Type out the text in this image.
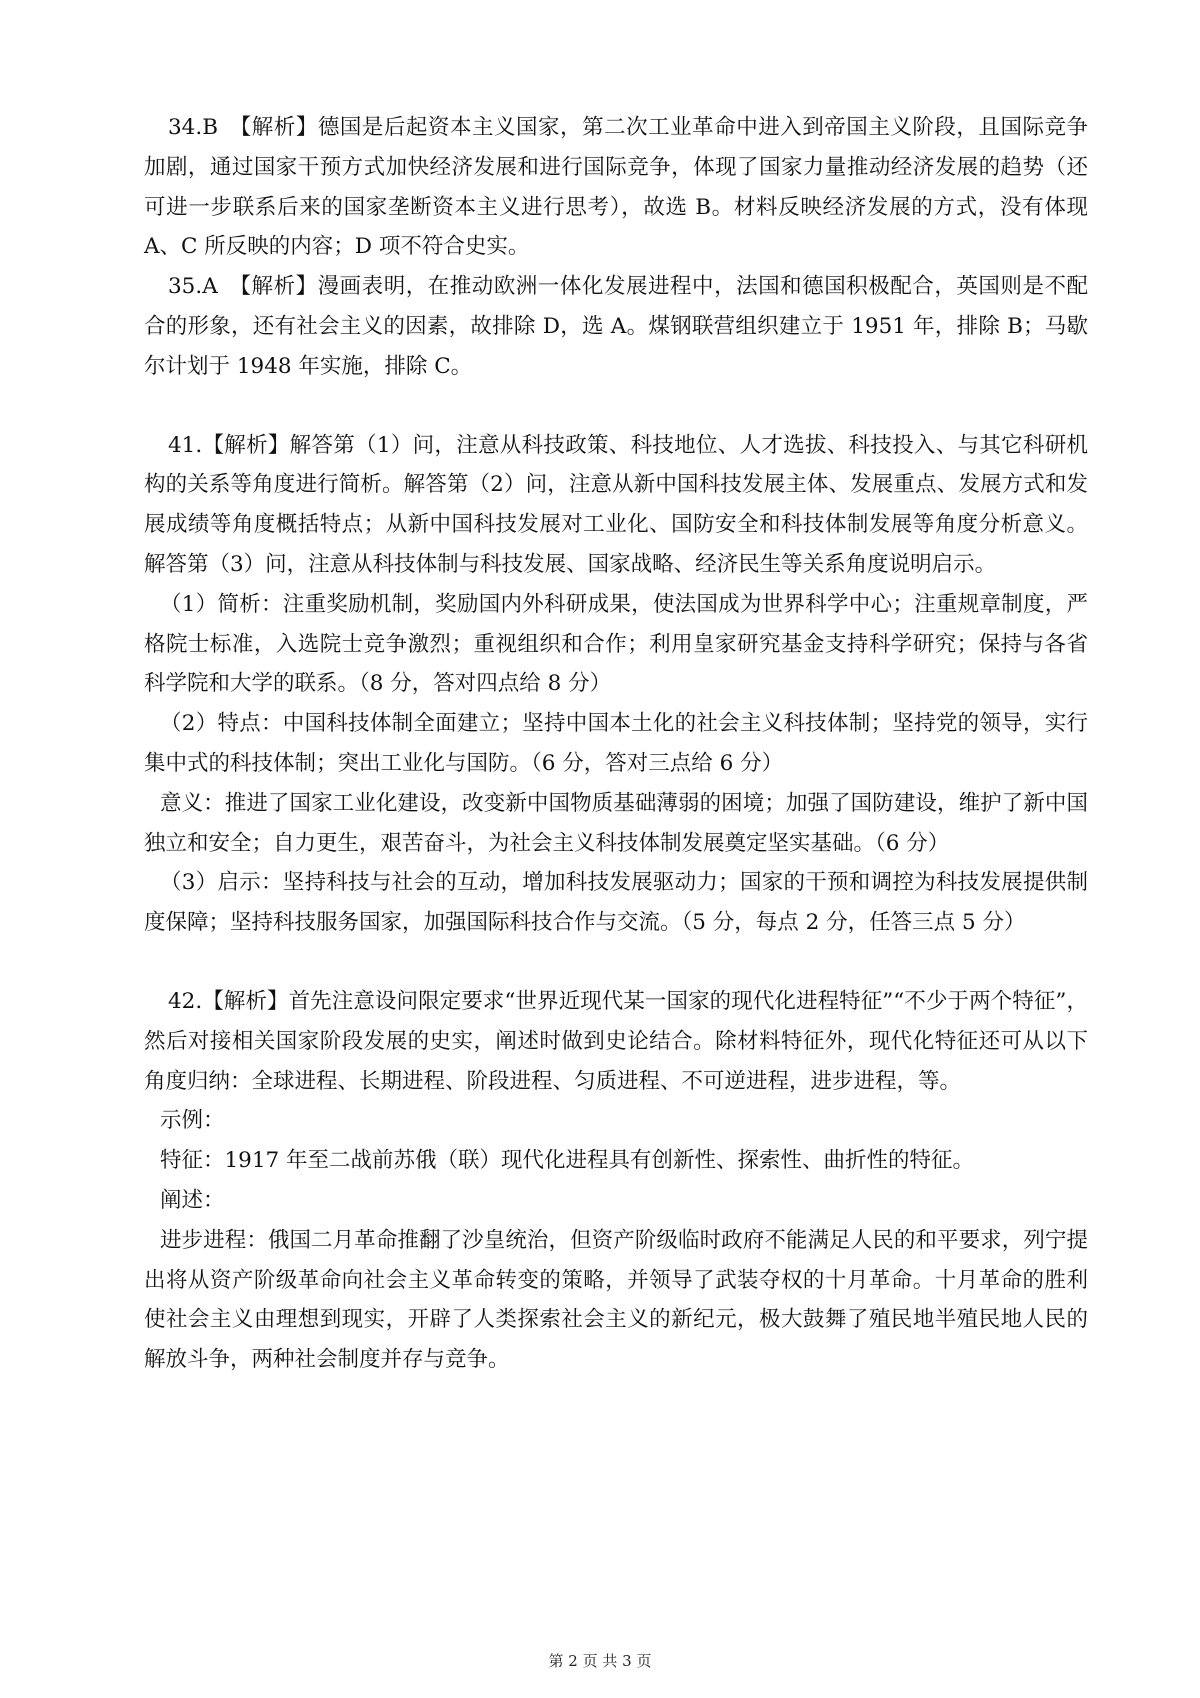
34.B　【解析】德国是后起资本主义国家，第二次工业革命中进入到帝国主义阶段，且国际竞争加剧，通过国家干预方式加快经济发展和进行国际竞争，体现了国家力量推动经济发展的趋势（还可进一步联系后来的国家垄断资本主义进行思考），故选 B。材料反映经济发展的方式，没有体现 A、C 所反映的内容；D 项不符合史实。

35.A　【解析】漫画表明，在推动欧洲一体化发展进程中，法国和德国积极配合，英国则是不配合的形象，还有社会主义的因素，故排除 D，选 A。煤钢联营组织建立于 1951 年，排除 B；马歇尔计划于 1948 年实施，排除 C。

41.【解析】解答第（1）问，注意从科技政策、科技地位、人才选拔、科技投入、与其它科研机构的关系等角度进行简析。解答第（2）问，注意从新中国科技发展主体、发展重点、发展方式和发展成绩等角度概括特点；从新中国科技发展对工业化、国防安全和科技体制发展等角度分析意义。解答第（3）问，注意从科技体制与科技发展、国家战略、经济民生等关系角度说明启示。

（1）简析：注重奖励机制，奖励国内外科研成果，使法国成为世界科学中心；注重规章制度，严格院士标准，入选院士竞争激烈；重视组织和合作；利用皇家研究基金支持科学研究；保持与各省科学院和大学的联系。（8 分，答对四点给 8 分）

（2）特点：中国科技体制全面建立；坚持中国本土化的社会主义科技体制；坚持党的领导，实行集中式的科技体制；突出工业化与国防。（6 分，答对三点给 6 分）

意义：推进了国家工业化建设，改变新中国物质基础薄弱的困境；加强了国防建设，维护了新中国独立和安全；自力更生，艰苦奋斗，为社会主义科技体制发展奠定坚实基础。（6 分）

（3）启示：坚持科技与社会的互动，增加科技发展驱动力；国家的干预和调控为科技发展提供制度保障；坚持科技服务国家，加强国际科技合作与交流。（5 分，每点 2 分，任答三点 5 分）

42.【解析】首先注意设问限定要求“世界近现代某一国家的现代化进程特征”“不少于两个特征”，然后对接相关国家阶段发展的史实，阐述时做到史论结合。除材料特征外，现代化特征还可从以下角度归纳：全球进程、长期进程、阶段进程、匀质进程、不可逆进程，进步进程，等。

示例：

特征：1917 年至二战前苏俄（联）现代化进程具有创新性、探索性、曲折性的特征。

阐述：

进步进程：俄国二月革命推翻了沙皇统治，但资产阶级临时政府不能满足人民的和平要求，列宁提出将从资产阶级革命向社会主义革命转变的策略，并领导了武装夺权的十月革命。十月革命的胜利使社会主义由理想到现实，开辟了人类探索社会主义的新纪元，极大鼓舞了殖民地半殖民地人民的解放斗争，两种社会制度并存与竞争。

第 2 页 共 3 页
